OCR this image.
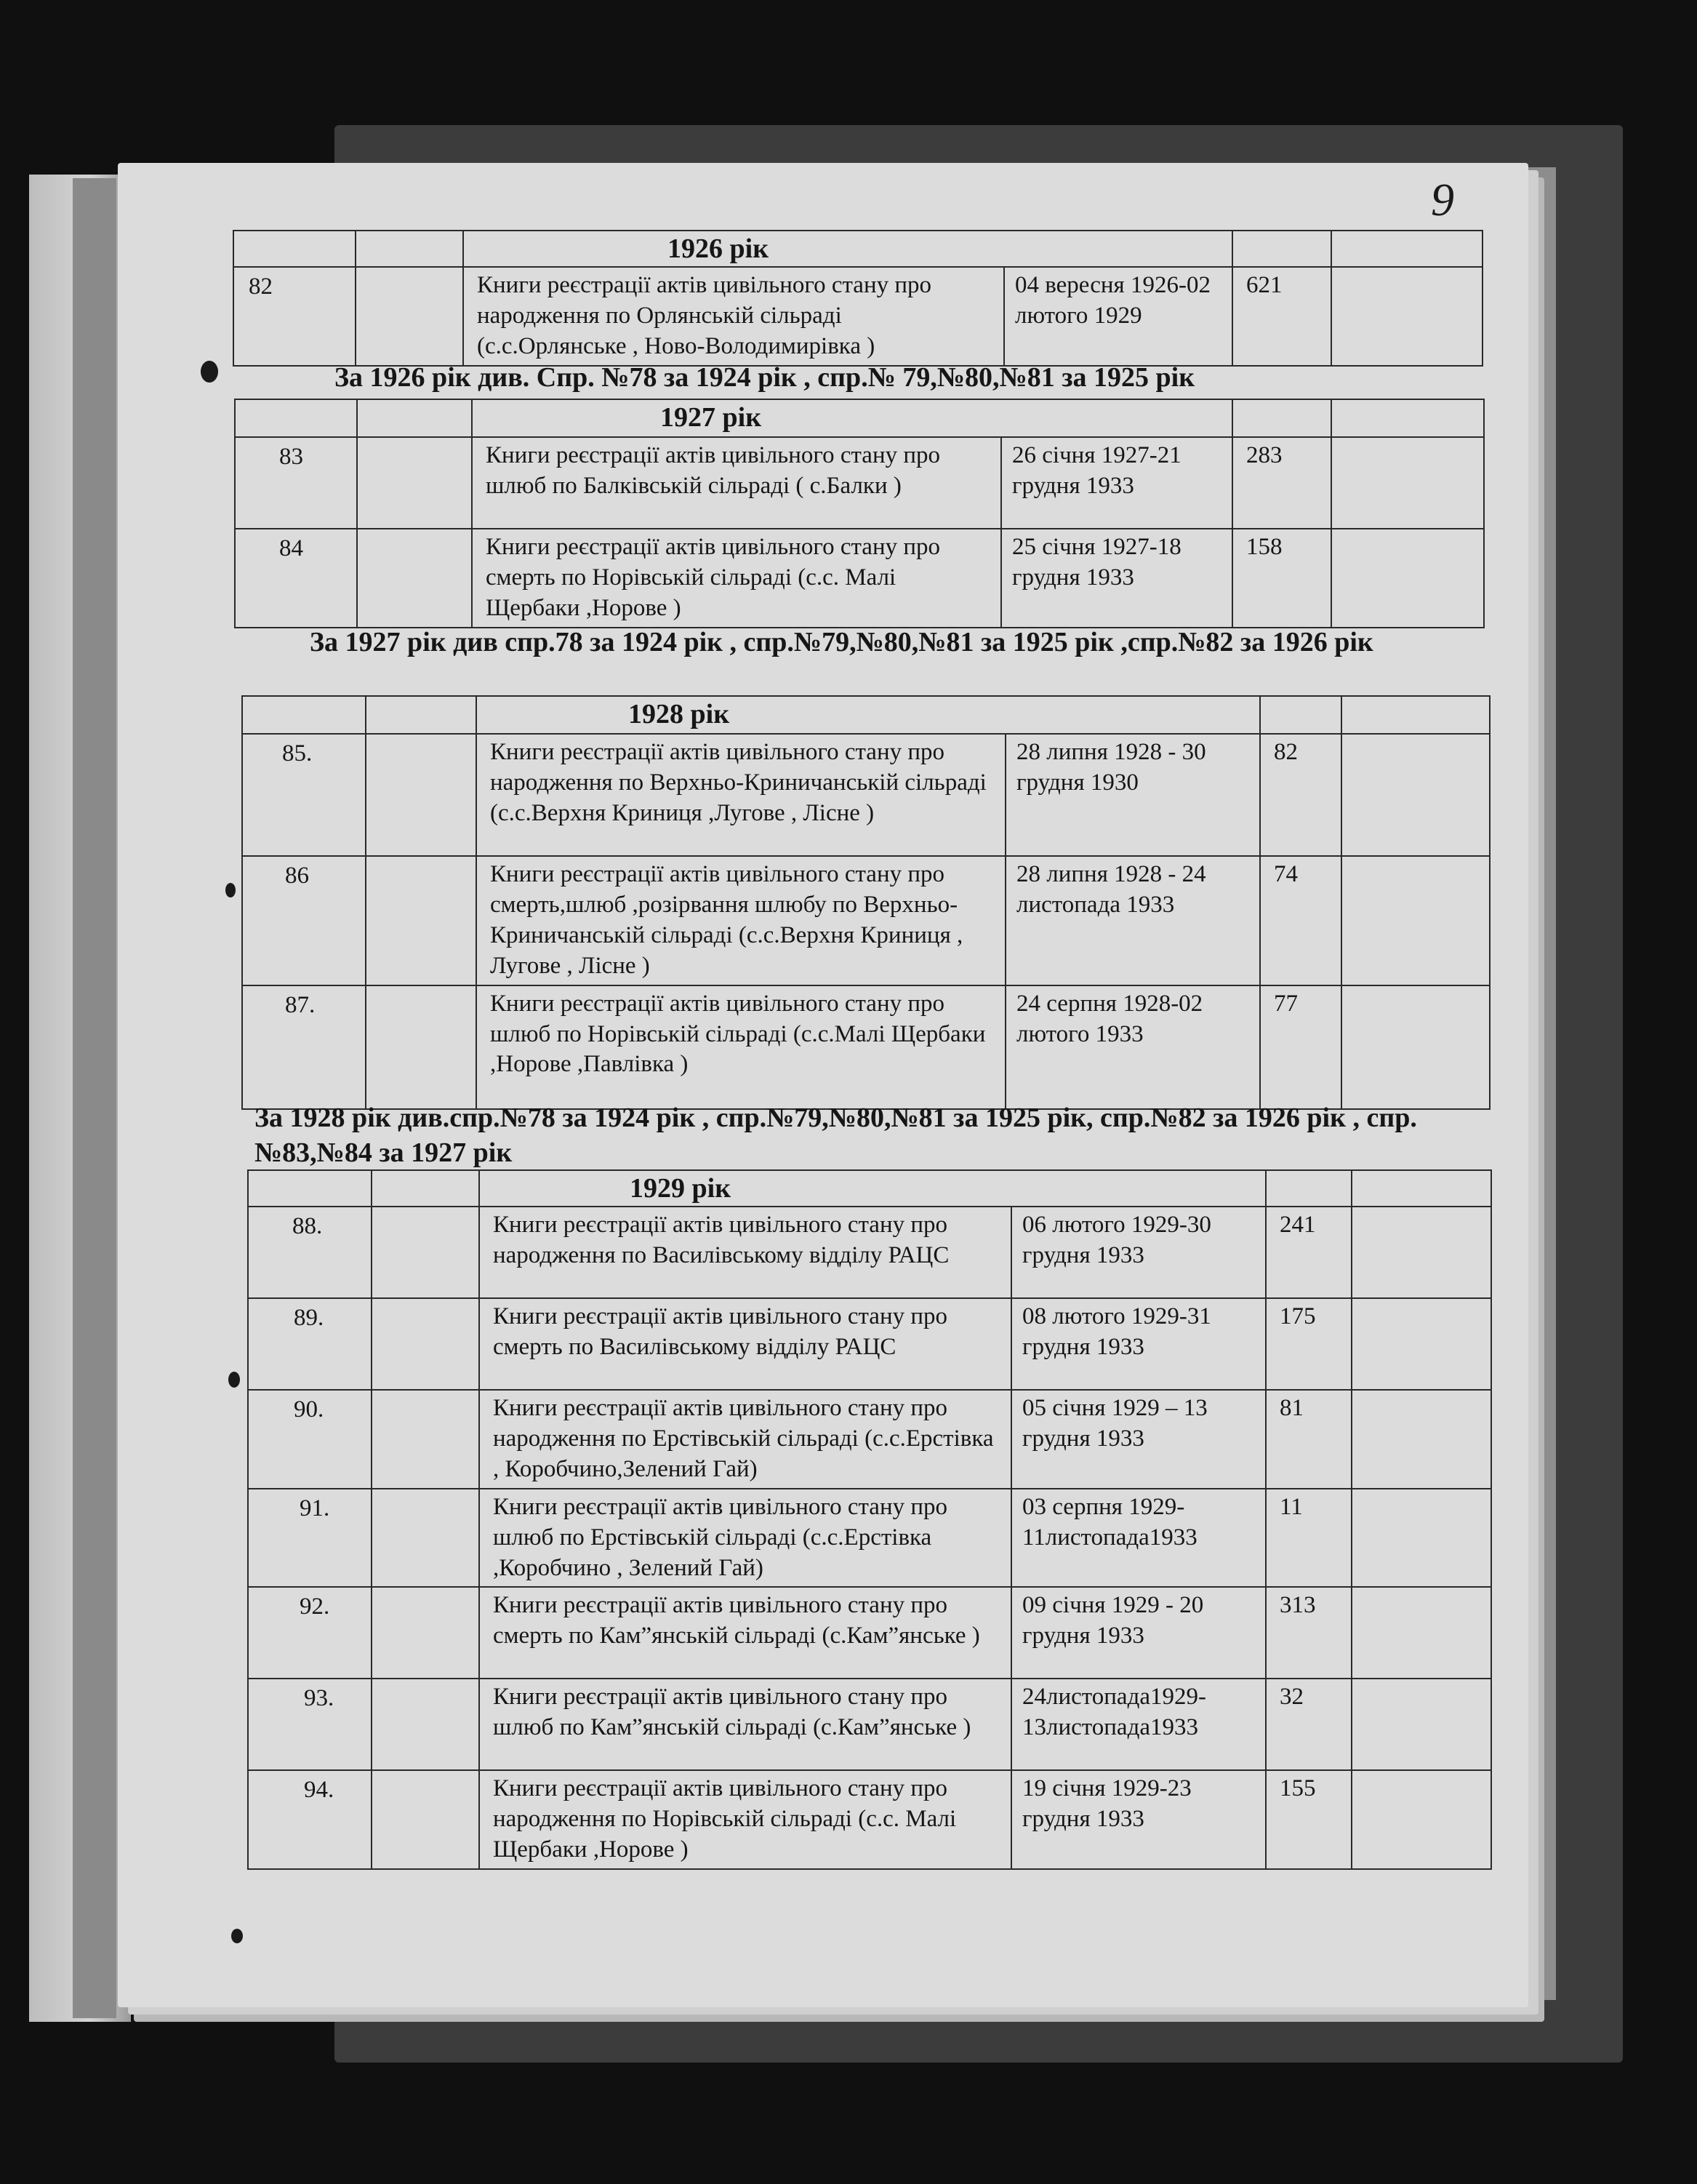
9
		1926 рік			
82		Книги реєстрації актів цивільного стану про народження по Орлянській сільраді (с.с.Орлянське , Ново-Володимирівка )	04 вересня 1926-02 лютого 1929	621	
За 1926 рік див. Спр. №78 за 1924 рік , спр.№ 79,№80,№81 за 1925 рік
		1927 рік			
83		Книги реєстрації актів цивільного стану про шлюб по Балківській сільраді ( с.Балки )	26 січня 1927-21 грудня 1933	283	
84		Книги реєстрації актів цивільного стану про смерть по Норівській сільраді (с.с. Малі Щербаки ,Норове )	25 січня 1927-18 грудня 1933	158	
За 1927 рік див спр.78 за 1924 рік , спр.№79,№80,№81 за 1925 рік ,спр.№82 за 1926 рік
		1928 рік			
85.		Книги реєстрації актів цивільного стану про народження по Верхньо-Криничанській сільраді (с.с.Верхня Криниця ,Лугове , Лісне )	28 липня 1928 - 30 грудня 1930	82	
86		Книги реєстрації актів цивільного стану про смерть,шлюб ,розірвання шлюбу по Верхньо-Криничанській сільраді (с.с.Верхня Криниця , Лугове , Лісне )	28 липня 1928 - 24 листопада 1933	74	
87.		Книги реєстрації актів цивільного стану про шлюб по Норівській сільраді (с.с.Малі Щербаки ,Норове ,Павлівка )	24 серпня 1928-02 лютого 1933	77	
За 1928 рік див.спр.№78 за 1924 рік , спр.№79,№80,№81 за 1925 рік, спр.№82 за 1926 рік , спр.№83,№84 за 1927 рік
		1929 рік			
88.		Книги реєстрації актів цивільного стану про народження по Василівському відділу РАЦС	06 лютого 1929-30 грудня 1933	241	
89.		Книги реєстрації актів цивільного стану про смерть по Василівському відділу РАЦС	08 лютого 1929-31 грудня 1933	175	
90.		Книги реєстрації актів цивільного стану про народження по Ерстівській сільраді (с.с.Ерстівка , Коробчино,Зелений Гай)	05 січня 1929 – 13 грудня 1933	81	
91.		Книги реєстрації актів цивільного стану про шлюб по Ерстівській сільраді (с.с.Ерстівка ,Коробчино , Зелений Гай)	03 серпня 1929-11листопада1933	11	
92.		Книги реєстрації актів цивільного стану про смерть по Кам”янській сільраді (с.Кам”янське )	09 січня 1929 - 20 грудня 1933	313	
93.		Книги реєстрації актів цивільного стану про шлюб по Кам”янській сільраді (с.Кам”янське )	24листопада1929-13листопада1933	32	
94.		Книги реєстрації актів цивільного стану про народження по Норівській сільраді (с.с. Малі Щербаки ,Норове )	19 січня 1929-23 грудня 1933	155	
